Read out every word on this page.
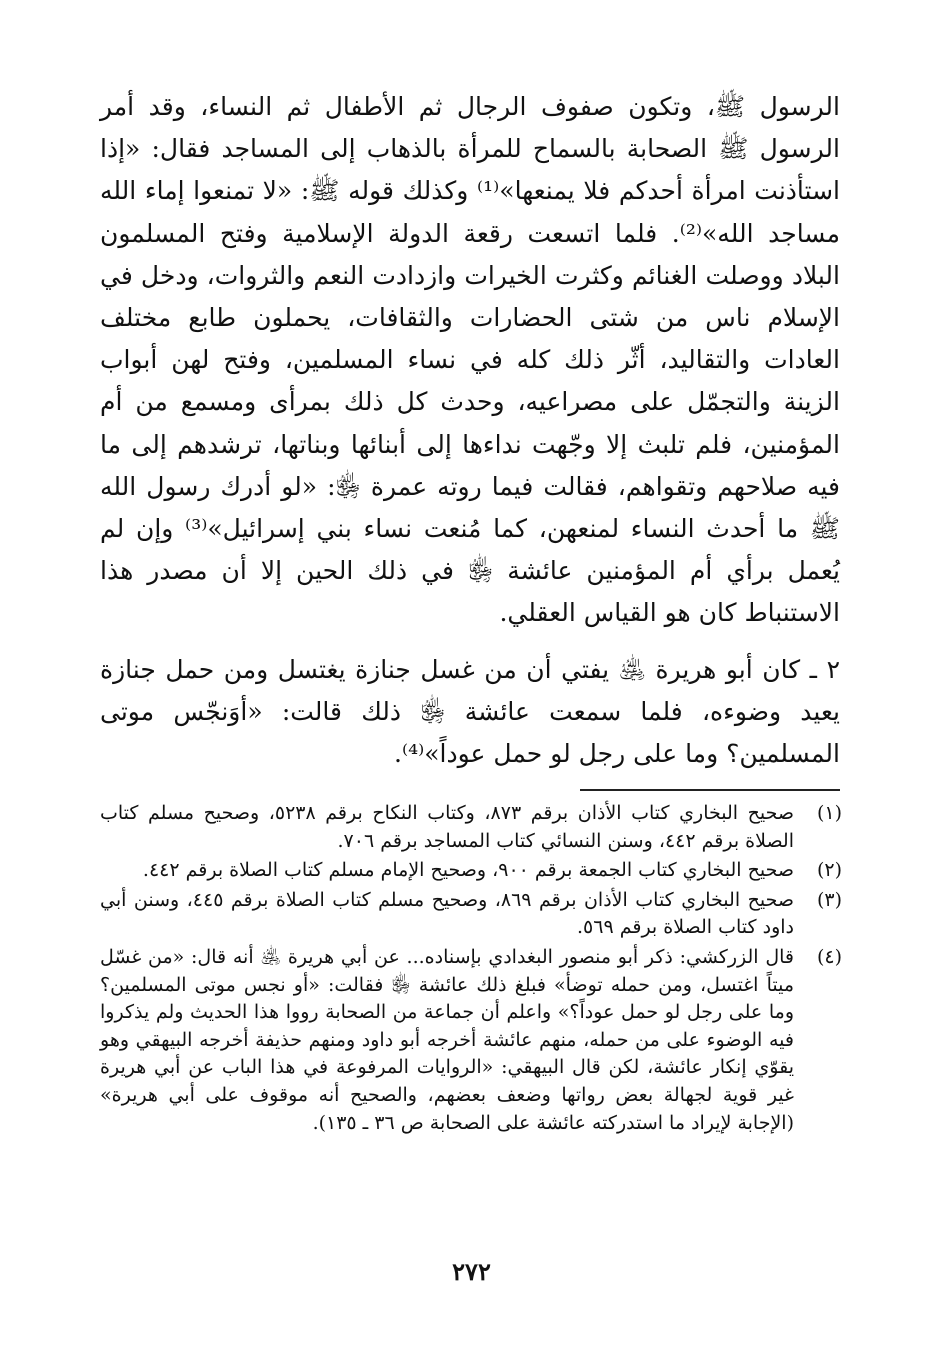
الرسول ﷺ، وتكون صفوف الرجال ثم الأطفال ثم النساء، وقد أمر الرسول ﷺ الصحابة بالسماح للمرأة بالذهاب إلى المساجد فقال: «إذا استأذنت امرأة أحدكم فلا يمنعها»⁽¹⁾ وكذلك قوله ﷺ: «لا تمنعوا إماء الله مساجد الله»⁽²⁾. فلما اتسعت رقعة الدولة الإسلامية وفتح المسلمون البلاد ووصلت الغنائم وكثرت الخيرات وازدادت النعم والثروات، ودخل في الإسلام ناس من شتى الحضارات والثقافات، يحملون طابع مختلف العادات والتقاليد، أثّر ذلك كله في نساء المسلمين، وفتح لهن أبواب الزينة والتجمّل على مصراعيه، وحدث كل ذلك بمرأى ومسمع من أم المؤمنين، فلم تلبث إلا وجّهت نداءها إلى أبنائها وبناتها، ترشدهم إلى ما فيه صلاحهم وتقواهم، فقالت فيما روته عمرة ﵂: «لو أدرك رسول الله ﷺ ما أحدث النساء لمنعهن، كما مُنعت نساء بني إسرائيل»⁽³⁾ وإن لم يُعمل برأي أم المؤمنين عائشة ﵂ في ذلك الحين إلا أن مصدر هذا الاستنباط كان هو القياس العقلي.

٢ ـ كان أبو هريرة ﵁ يفتي أن من غسل جنازة يغتسل ومن حمل جنازة يعيد وضوءه، فلما سمعت عائشة ﵂ ذلك قالت: «أوَنجّس موتى المسلمين؟ وما على رجل لو حمل عوداً»⁽⁴⁾.

(١)
صحيح البخاري كتاب الأذان برقم ٨٧٣، وكتاب النكاح برقم ٥٢٣٨، وصحيح مسلم كتاب الصلاة برقم ٤٤٢، وسنن النسائي كتاب المساجد برقم ٧٠٦.
(٢)
صحيح البخاري كتاب الجمعة برقم ٩٠٠، وصحيح الإمام مسلم كتاب الصلاة برقم ٤٤٢.
(٣)
صحيح البخاري كتاب الأذان برقم ٨٦٩، وصحيح مسلم كتاب الصلاة برقم ٤٤٥، وسنن أبي داود كتاب الصلاة برقم ٥٦٩.
(٤)
قال الزركشي: ذكر أبو منصور البغدادي بإسناده... عن أبي هريرة ﵁ أنه قال: «من غسّل ميتاً اغتسل، ومن حمله توضأ» فبلغ ذلك عائشة ﵂ فقالت: «أو نجس موتى المسلمين؟ وما على رجل لو حمل عوداً؟» واعلم أن جماعة من الصحابة رووا هذا الحديث ولم يذكروا فيه الوضوء على من حمله، منهم عائشة أخرجه أبو داود ومنهم حذيفة أخرجه البيهقي وهو يقوّي إنكار عائشة، لكن قال البيهقي: «الروايات المرفوعة في هذا الباب عن أبي هريرة غير قوية لجهالة بعض رواتها وضعف بعضهم، والصحيح أنه موقوف على أبي هريرة» (الإجابة لإيراد ما استدركته عائشة على الصحابة ص ٣٦ ـ ١٣٥).
٢٧٢
